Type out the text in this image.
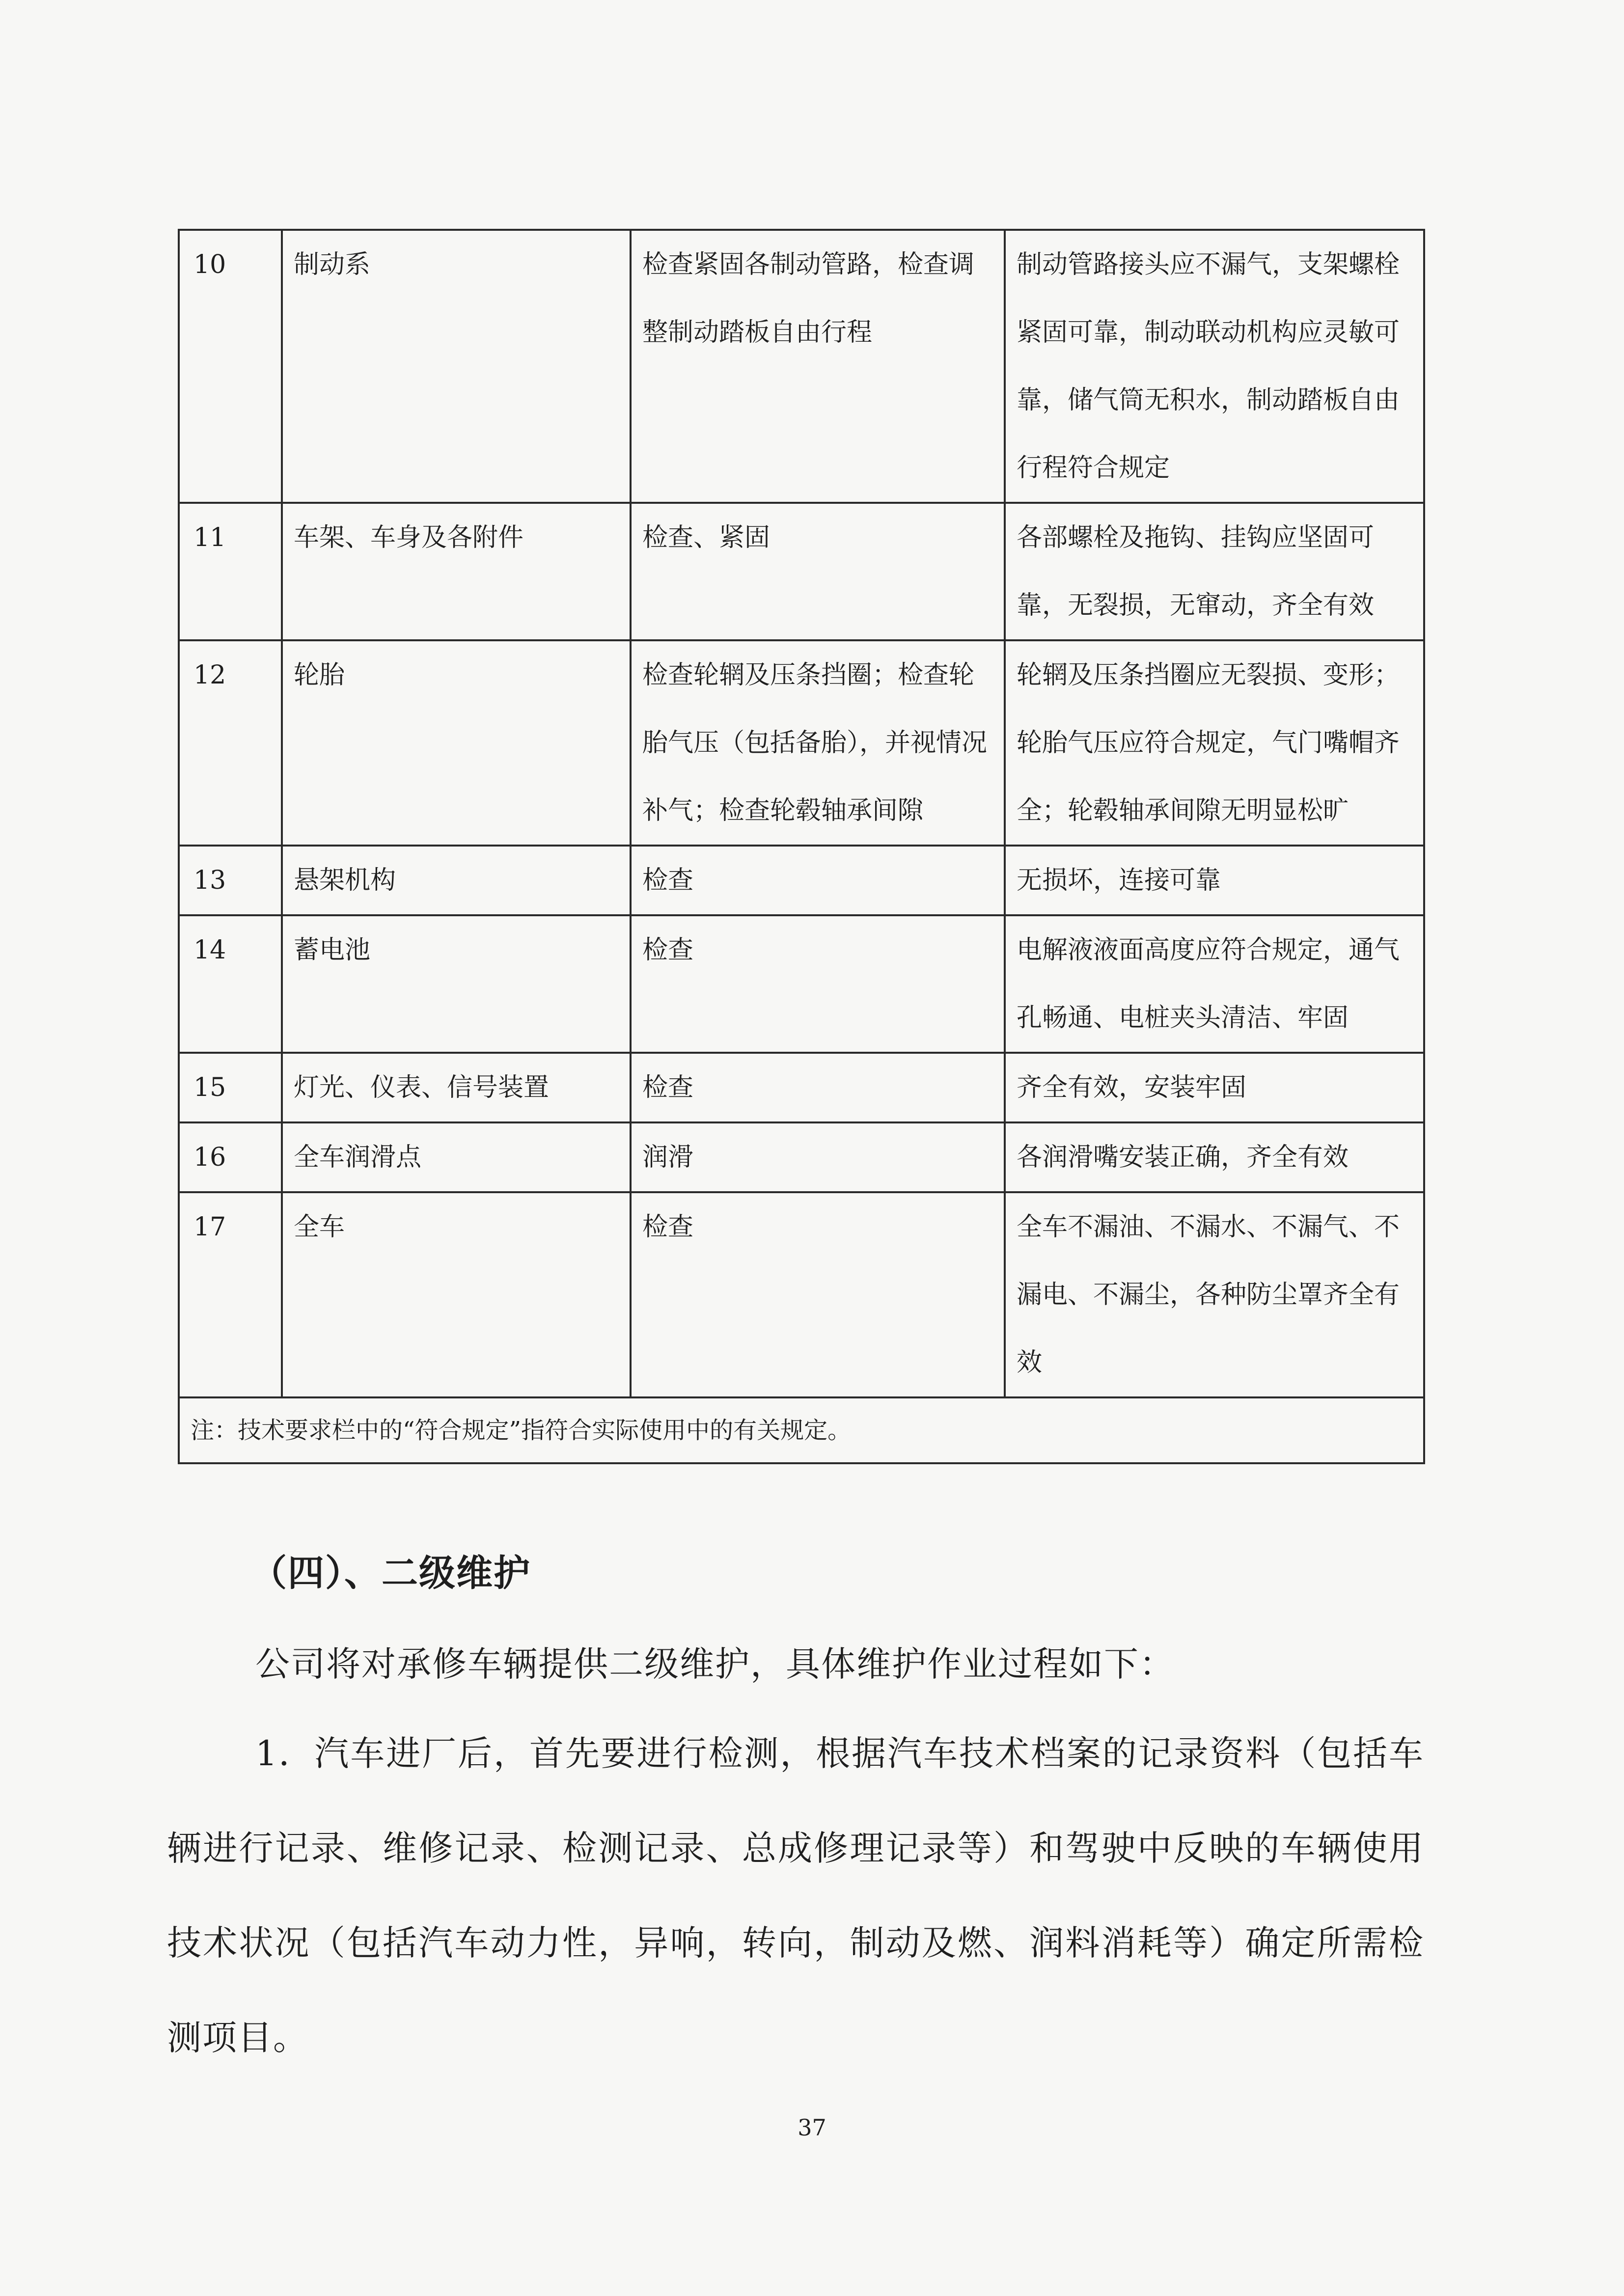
10	制动系	检查紧固各制动管路，检查调整制动踏板自由行程	制动管路接头应不漏气，支架螺栓紧固可靠，制动联动机构应灵敏可靠，储气筒无积水，制动踏板自由行程符合规定
11	车架、车身及各附件	检查、紧固	各部螺栓及拖钩、挂钩应坚固可靠，无裂损，无窜动，齐全有效
12	轮胎	检查轮辋及压条挡圈；检查轮胎气压（包括备胎），并视情况补气；检查轮毂轴承间隙	轮辋及压条挡圈应无裂损、变形；轮胎气压应符合规定，气门嘴帽齐全；轮毂轴承间隙无明显松旷
13	悬架机构	检查	无损坏，连接可靠
14	蓄电池	检查	电解液液面高度应符合规定，通气孔畅通、电桩夹头清洁、牢固
15	灯光、仪表、信号装置	检查	齐全有效，安装牢固
16	全车润滑点	润滑	各润滑嘴安装正确，齐全有效
17	全车	检查	全车不漏油、不漏水、不漏气、不漏电、不漏尘，各种防尘罩齐全有效
注：技术要求栏中的“符合规定”指符合实际使用中的有关规定。			
（四）、二级维护
公司将对承修车辆提供二级维护，具体维护作业过程如下：
1．汽车进厂后，首先要进行检测，根据汽车技术档案的记录资料（包括车辆进行记录、维修记录、检测记录、总成修理记录等）和驾驶中反映的车辆使用技术状况（包括汽车动力性，异响，转向，制动及燃、润料消耗等）确定所需检测项目。
37
